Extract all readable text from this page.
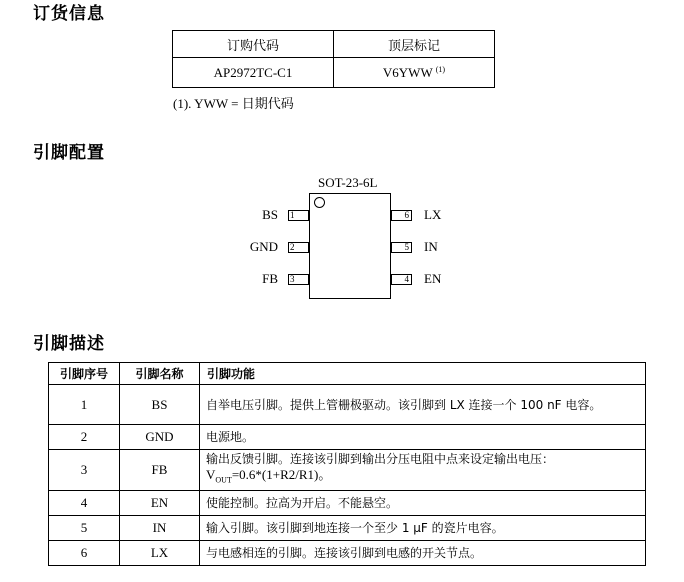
订货信息
订购代码	顶层标记
AP2972TC-C1	V6YWW $^{(1)}$
(1). YWW = 日期代码
引脚配置
SOT-23-6L
1
2
3
6
5
4
BS
GND
FB
LX
IN
EN
引脚描述
引脚序号	引脚名称	引脚功能
1	BS	自举电压引脚。提供上管栅极驱动。该引脚到 LX 连接一个 100 nF 电容。
2	GND	电源地。
3	FB	输出反馈引脚。连接该引脚到输出分压电阻中点来设定输出电压：
$V_{OUT}=0.6*(1+R2/R1)$。
4	EN	使能控制。拉高为开启。不能悬空。
5	IN	输入引脚。该引脚到地连接一个至少 1 μF 的瓷片电容。
6	LX	与电感相连的引脚。连接该引脚到电感的开关节点。
